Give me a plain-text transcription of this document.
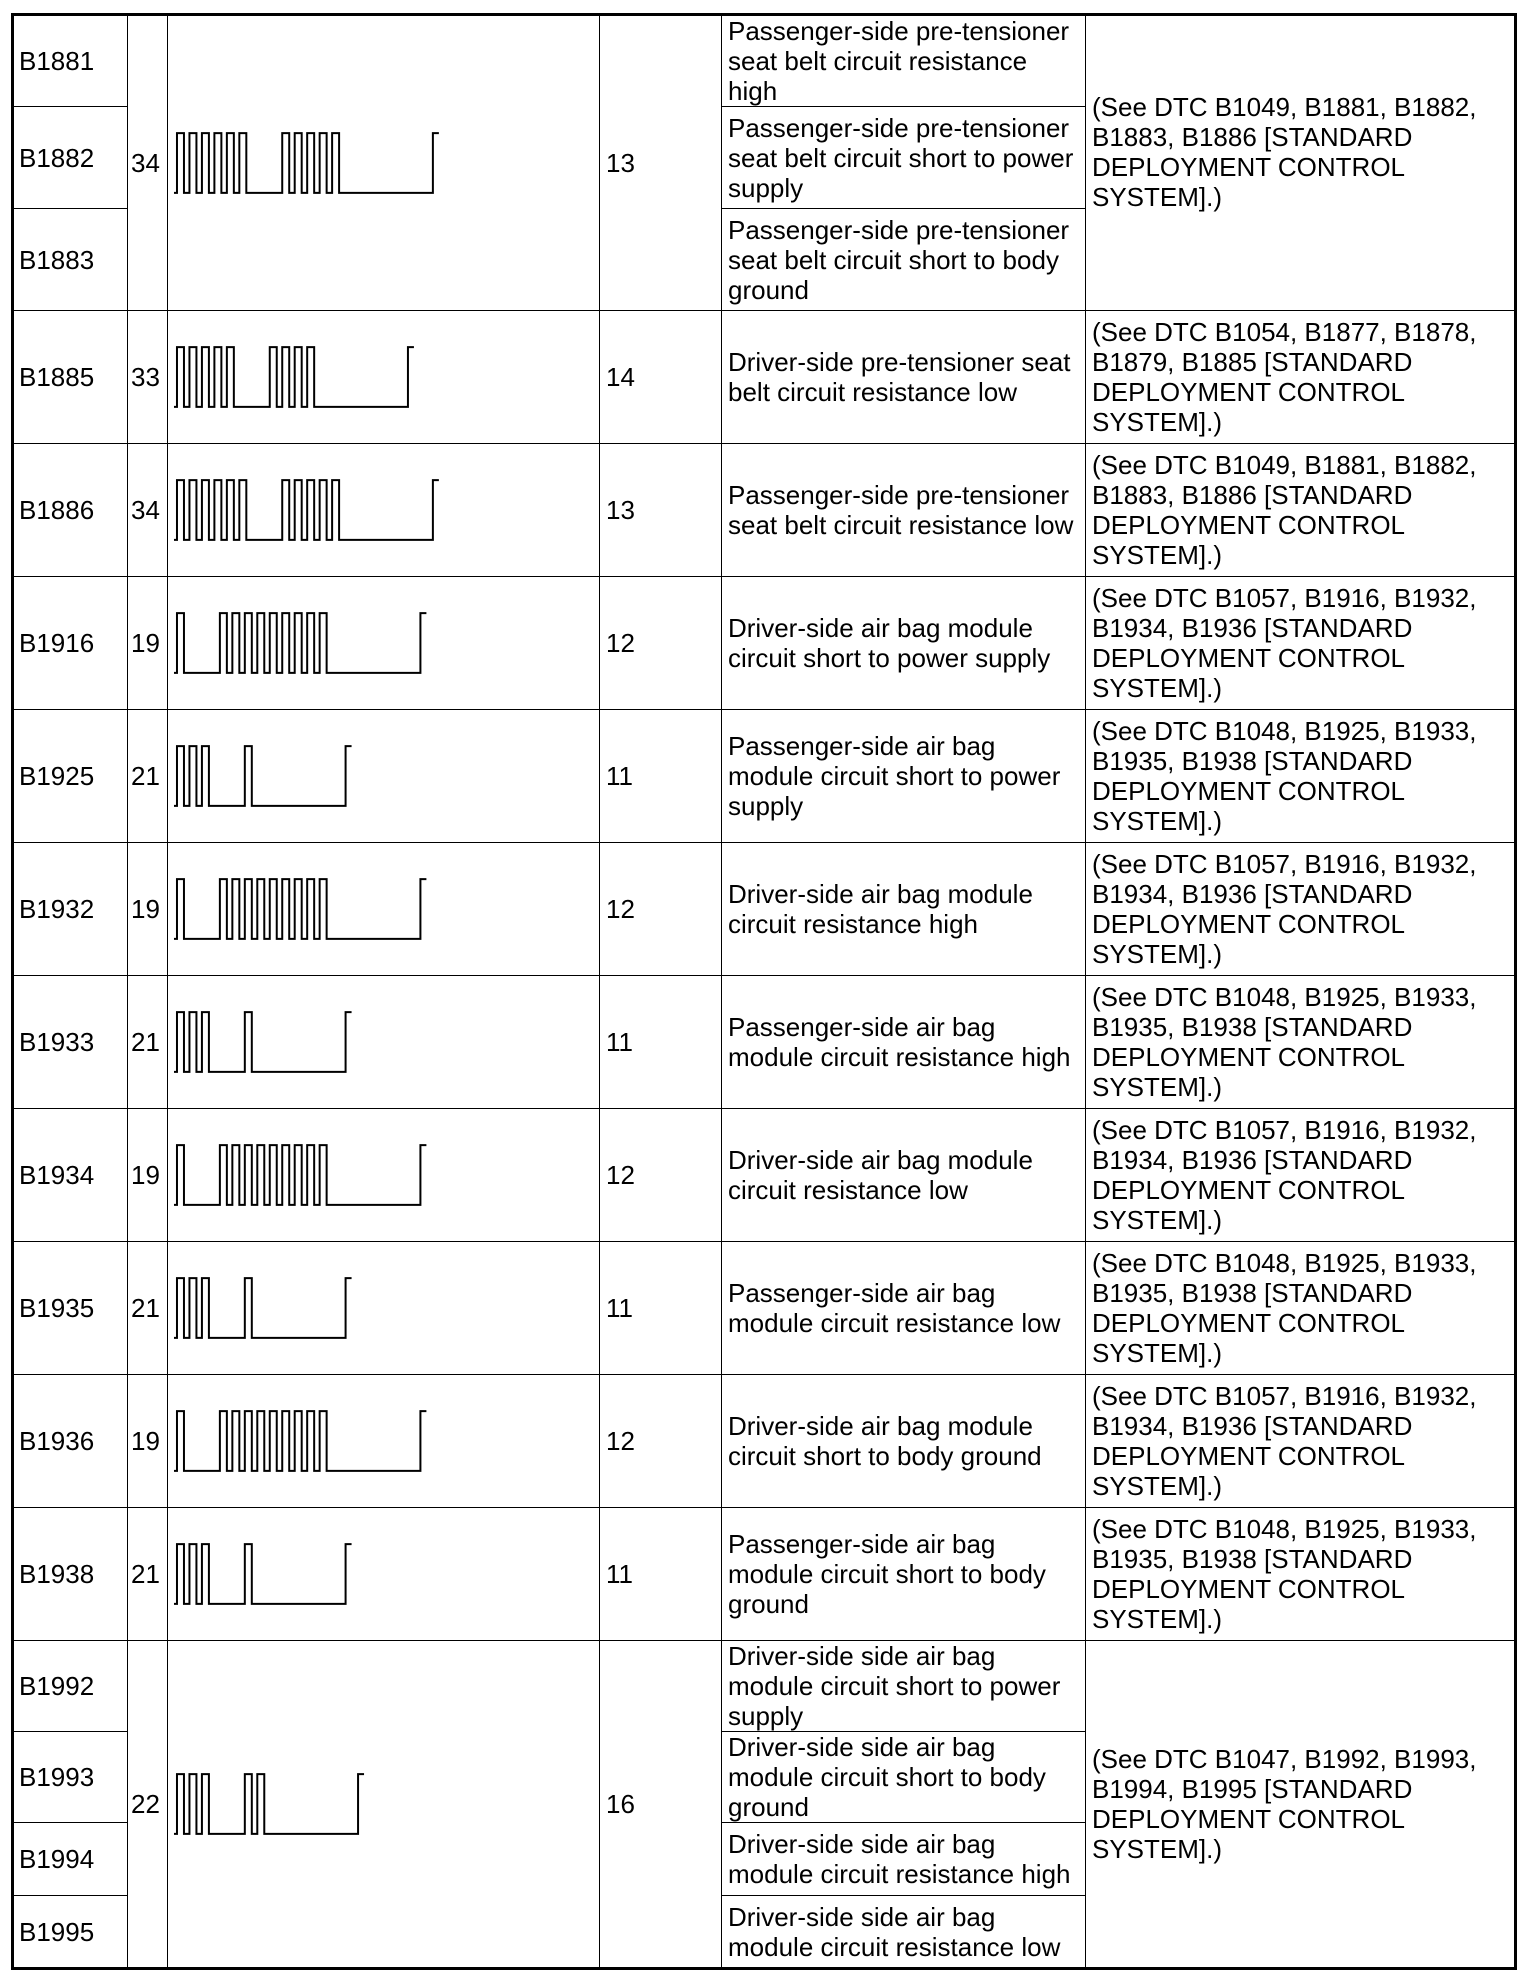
B1881	34		13	Passenger-side pre-tensioner seat belt circuit resistance high	(See DTC B1049, B1881, B1882, B1883, B1886 [STANDARD DEPLOYMENT CONTROL SYSTEM].)
B1882				Passenger-side pre-tensioner seat belt circuit short to power supply	
B1883				Passenger-side pre-tensioner seat belt circuit short to body ground	
B1885	33		14	Driver-side pre-tensioner seat belt circuit resistance low	(See DTC B1054, B1877, B1878, B1879, B1885 [STANDARD DEPLOYMENT CONTROL SYSTEM].)
B1886	34		13	Passenger-side pre-tensioner seat belt circuit resistance low	(See DTC B1049, B1881, B1882, B1883, B1886 [STANDARD DEPLOYMENT CONTROL SYSTEM].)
B1916	19		12	Driver-side air bag module circuit short to power supply	(See DTC B1057, B1916, B1932, B1934, B1936 [STANDARD DEPLOYMENT CONTROL SYSTEM].)
B1925	21		11	Passenger-side air bag module circuit short to power supply	(See DTC B1048, B1925, B1933, B1935, B1938 [STANDARD DEPLOYMENT CONTROL SYSTEM].)
B1932	19		12	Driver-side air bag module circuit resistance high	(See DTC B1057, B1916, B1932, B1934, B1936 [STANDARD DEPLOYMENT CONTROL SYSTEM].)
B1933	21		11	Passenger-side air bag module circuit resistance high	(See DTC B1048, B1925, B1933, B1935, B1938 [STANDARD DEPLOYMENT CONTROL SYSTEM].)
B1934	19		12	Driver-side air bag module circuit resistance low	(See DTC B1057, B1916, B1932, B1934, B1936 [STANDARD DEPLOYMENT CONTROL SYSTEM].)
B1935	21		11	Passenger-side air bag module circuit resistance low	(See DTC B1048, B1925, B1933, B1935, B1938 [STANDARD DEPLOYMENT CONTROL SYSTEM].)
B1936	19		12	Driver-side air bag module circuit short to body ground	(See DTC B1057, B1916, B1932, B1934, B1936 [STANDARD DEPLOYMENT CONTROL SYSTEM].)
B1938	21		11	Passenger-side air bag module circuit short to body ground	(See DTC B1048, B1925, B1933, B1935, B1938 [STANDARD DEPLOYMENT CONTROL SYSTEM].)
B1992	22		16	Driver-side side air bag module circuit short to power supply	(See DTC B1047, B1992, B1993, B1994, B1995 [STANDARD DEPLOYMENT CONTROL SYSTEM].)
B1993				Driver-side side air bag module circuit short to body ground	
B1994				Driver-side side air bag module circuit resistance high	
B1995				Driver-side side air bag module circuit resistance low	
